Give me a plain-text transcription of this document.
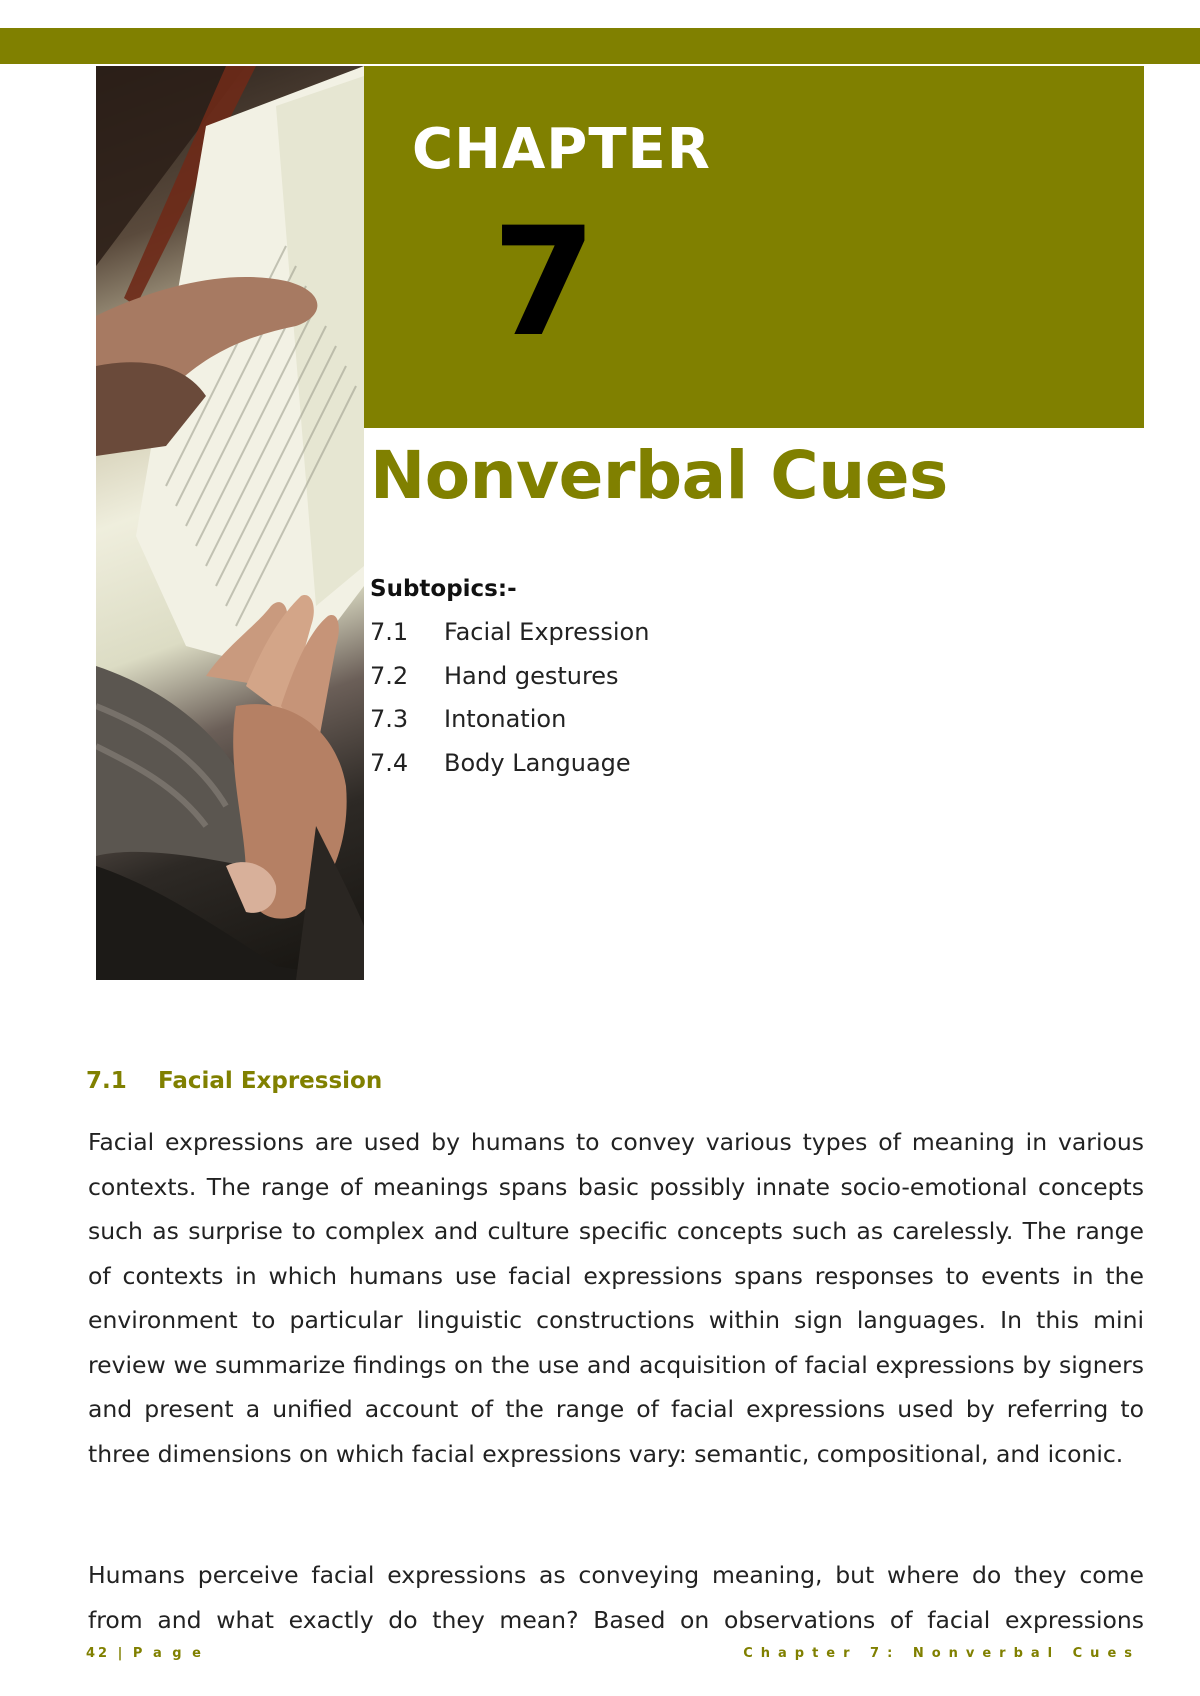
CHAPTER
7
Nonverbal Cues
Subtopics:-
7.1 Facial Expression
7.2 Hand gestures
7.3 Intonation
7.4 Body Language
7.1 Facial Expression

Facial expressions are used by humans to convey various types of meaning in various contexts. The range of meanings spans basic possibly innate socio-emotional concepts such as surprise to complex and culture specific concepts such as carelessly. The range of contexts in which humans use facial expressions spans responses to events in the environment to particular linguistic constructions within sign languages. In this mini review we summarize findings on the use and acquisition of facial expressions by signers and present a unified account of the range of facial expressions used by referring to three dimensions on which facial expressions vary: semantic, compositional, and iconic.

Humans perceive facial expressions as conveying meaning, but where do they come from and what exactly do they mean? Based on observations of facial expressions

42 | P a g e	Chapter 7: Nonverbal Cues
